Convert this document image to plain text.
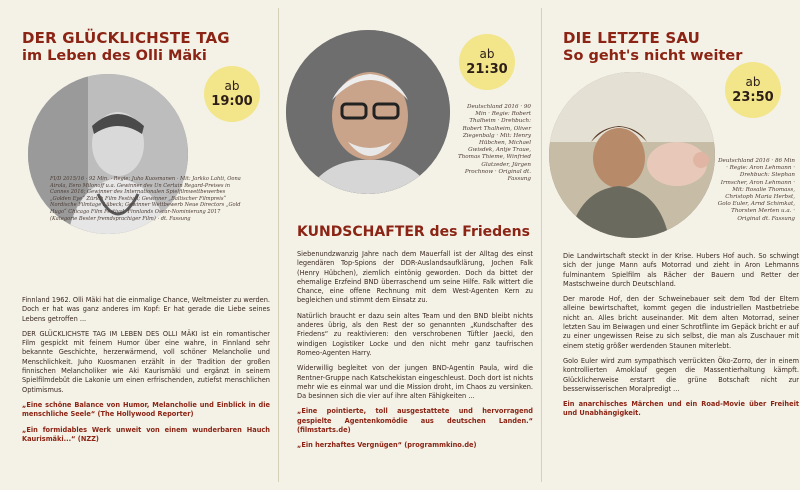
DER GLÜCKLICHSTE TAG
im Leben des Olli Mäki
ab
19:00
FI/D 2015/16 · 92 Min. · Regie: Juho Kuosmanen · Mit: Jarkko Lahti, Oona Airola, Eero Milonoff u.a. Gewinner des Un Certain Regard-Preises in Cannes 2016; Gewinner des Internationalen Spielfilmwettbewerbes „Golden Eye“ Zürich Film Festival; Gewinner „Baltischer Filmpreis“ Nordische Filmtage Lübeck; Gewinner Wettbewerb Neue Directors „Gold Hugo“ Chicago Film Festival; Finnlands Oscar-Nominierung 2017 (Kategorie Bester fremdsprachiger Film) · dt. Fassung

Finnland 1962. Olli Mäki hat die einmalige Chance, Weltmeister zu werden. Doch er hat was ganz anderes im Kopf: Er hat gerade die Liebe seines Lebens getroffen ...

DER GLÜCKLICHSTE TAG IM LEBEN DES OLLI MÄKI ist ein romantischer Film gespickt mit feinem Humor über eine wahre, in Finnland sehr bekannte Geschichte, herzerwärmend, voll schöner Melancholie und Menschlichkeit. Juho Kuosmanen erzählt in der Tradition der großen finnischen Melancholiker wie Aki Kaurismäki und ergänzt in seinem Spielfilmdebüt die Lakonie um einen erfrischenden, zutiefst menschlichen Optimismus.

„Eine schöne Balance von Humor, Melancholie und Einblick in die menschliche Seele“ (The Hollywood Reporter)

„Ein formidables Werk unweit von einem wunderbaren Hauch Kaurismäki...“ (NZZ)

ab
21:30
Deutschland 2016 · 90 Min · Regie: Robert Thalheim · Drehbuch: Robert Thalheim, Oliver Ziegenbalg · Mit: Henry Hübchen, Michael Gwisdek, Antje Traue, Thomas Thieme, Winfried Glatzeder, Jürgen Prochnow · Original dt. Fassung
KUNDSCHAFTER des Friedens

Siebenundzwanzig Jahre nach dem Mauerfall ist der Alltag des einst legendären Top-Spions der DDR-Auslandsaufklärung, Jochen Falk (Henry Hübchen), ziemlich eintönig geworden. Doch da bittet der ehemalige Erzfeind BND überraschend um seine Hilfe. Falk wittert die Chance, eine offene Rechnung mit dem West-Agenten Kern zu begleichen und stimmt dem Einsatz zu.

Natürlich braucht er dazu sein altes Team und den BND bleibt nichts anderes übrig, als den Rest der so genannten „Kundschafter des Friedens“ zu reaktivieren: den verschrobenen Tüftler Jaecki, den windigen Logistiker Locke und den nicht mehr ganz taufrischen Romeo-Agenten Harry.

Widerwillig begleitet von der jungen BND-Agentin Paula, wird die Rentner-Gruppe nach Katschekistan eingeschleust. Doch dort ist nichts mehr wie es einmal war und die Mission droht, im Chaos zu versinken. Da besinnen sich die vier auf ihre alten Fähigkeiten ...

„Eine pointierte, toll ausgestattete und hervorragend gespielte Agentenkomödie aus deutschen Landen.“ (filmstarts.de)

„Ein herzhaftes Vergnügen“ (programmkino.de)

DIE LETZTE SAU
So geht's nicht weiter
ab
23:50
Deutschland 2016 · 86 Min · Regie: Aron Lehmann · Drehbuch: Stephan Irmscher, Aron Lehmann · Mit: Rosalie Thomass, Christoph Maria Herbst, Golo Euler, Arnd Schimkat, Thorsten Merten u.a. · Original dt. Fassung

Die Landwirtschaft steckt in der Krise. Hubers Hof auch. So schwingt sich der junge Mann aufs Motorrad und zieht in Aron Lehmanns fulminantem Spielfilm als Rächer der Bauern und Retter der Mastschweine durch Deutschland.

Der marode Hof, den der Schweinebauer seit dem Tod der Eltern alleine bewirtschaftet, kommt gegen die industriellen Mastbetriebe nicht an. Alles bricht auseinander. Mit dem alten Motorrad, seiner letzten Sau im Beiwagen und einer Schrotflinte im Gepäck bricht er auf zu einer ungewissen Reise zu sich selbst, die man als Zuschauer mit einem stetig größer werdenden Staunen miterlebt.

Golo Euler wird zum sympathisch verrückten Öko-Zorro, der in einem kontrollierten Amoklauf gegen die Massentierhaltung kämpft. Glücklicherweise erstarrt die grüne Botschaft nicht zur besserwisserischen Moralpredigt ...

Ein anarchisches Märchen und ein Road-Movie über Freiheit und Unabhängigkeit.
